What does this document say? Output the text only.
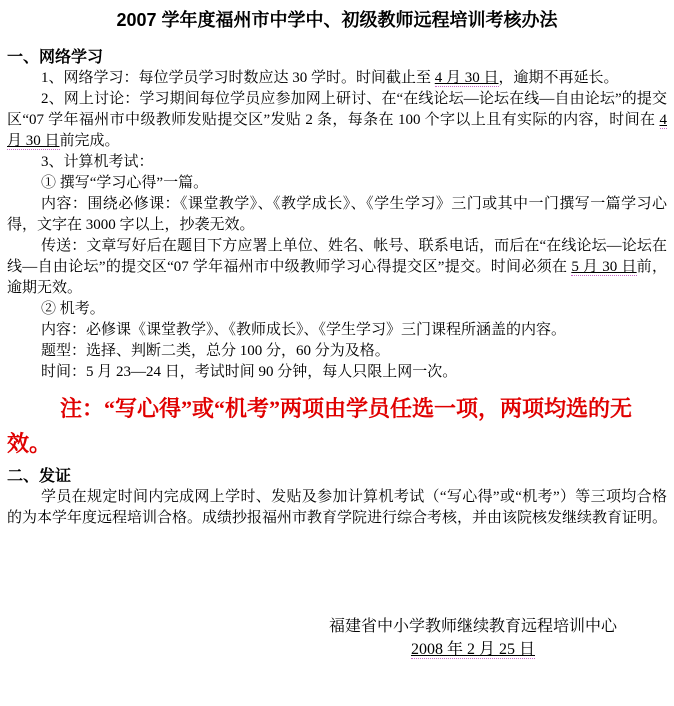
2007 学年度福州市中学中、初级教师远程培训考核办法
一、网络学习

1、网络学习：每位学员学习时数应达 30 学时。时间截止至 4 月 30 日，逾期不再延长。

2、网上讨论：学习期间每位学员应参加网上研讨、在“在线论坛—论坛在线—自由论坛”的提交区“07 学年福州市中级教师发贴提交区”发贴 2 条，每条在 100 个字以上且有实际的内容，时间在 4 月 30 日前完成。

3、计算机考试：

① 撰写“学习心得”一篇。

内容：围绕必修课：《课堂教学》、《教学成长》、《学生学习》三门或其中一门撰写一篇学习心得，文字在 3000 字以上，抄袭无效。

传送：文章写好后在题目下方应署上单位、姓名、帐号、联系电话，而后在“在线论坛—论坛在线—自由论坛”的提交区“07 学年福州市中级教师学习心得提交区”提交。时间必须在 5 月 30 日前，逾期无效。

② 机考。

内容：必修课《课堂教学》、《教师成长》、《学生学习》三门课程所涵盖的内容。

题型：选择、判断二类，总分 100 分，60 分为及格。

时间：5 月 23—24 日，考试时间 90 分钟，每人只限上网一次。

注：“写心得”或“机考”两项由学员任选一项，两项均选的无效。

二、发证

学员在规定时间内完成网上学时、发贴及参加计算机考试（“写心得”或“机考”）等三项均合格的为本学年度远程培训合格。成绩抄报福州市教育学院进行综合考核，并由该院核发继续教育证明。

福建省中小学教师继续教育远程培训中心
2008 年 2 月 25 日
